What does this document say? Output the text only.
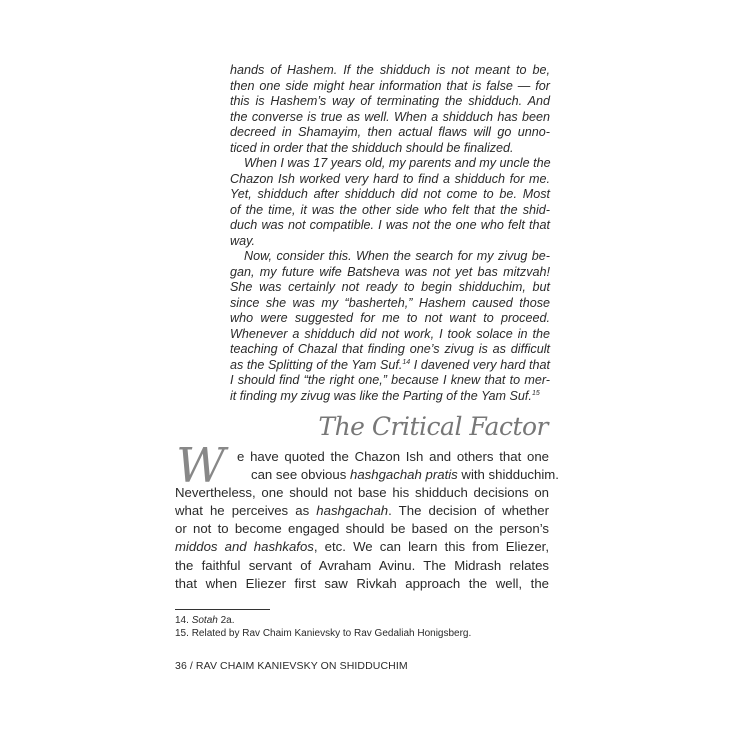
hands of Hashem. If the shidduch is not meant to be,
then one side might hear information that is false — for
this is Hashem’s way of terminating the shidduch. And
the converse is true as well. When a shidduch has been
decreed in Shamayim, then actual flaws will go unno-
ticed in order that the shidduch should be finalized.
When I was 17 years old, my parents and my uncle the
Chazon Ish worked very hard to find a shidduch for me.
Yet, shidduch after shidduch did not come to be. Most
of the time, it was the other side who felt that the shid-
duch was not compatible. I was not the one who felt that
way.
Now, consider this. When the search for my zivug be-
gan, my future wife Batsheva was not yet bas mitzvah!
She was certainly not ready to begin shidduchim, but
since she was my “basherteh,” Hashem caused those
who were suggested for me to not want to proceed.
Whenever a shidduch did not work, I took solace in the
teaching of Chazal that finding one’s zivug is as difficult
as the Splitting of the Yam Suf.$^{14}$ I davened very hard that
I should find “the right one,” because I knew that to mer-
it finding my zivug was like the Parting of the Yam Suf.$^{15}$
The Critical Factor
W e have quoted the Chazon Ish and others that one
can see obvious hashgachah pratis with shidduchim.
Nevertheless, one should not base his shidduch decisions on
what he perceives as hashgachah. The decision of whether
or not to become engaged should be based on the person’s
middos and hashkafos, etc. We can learn this from Eliezer,
the faithful servant of Avraham Avinu. The Midrash relates
that when Eliezer first saw Rivkah approach the well, the
14. Sotah 2a.
15. Related by Rav Chaim Kanievsky to Rav Gedaliah Honigsberg.
36 / RAV CHAIM KANIEVSKY ON SHIDDUCHIM
